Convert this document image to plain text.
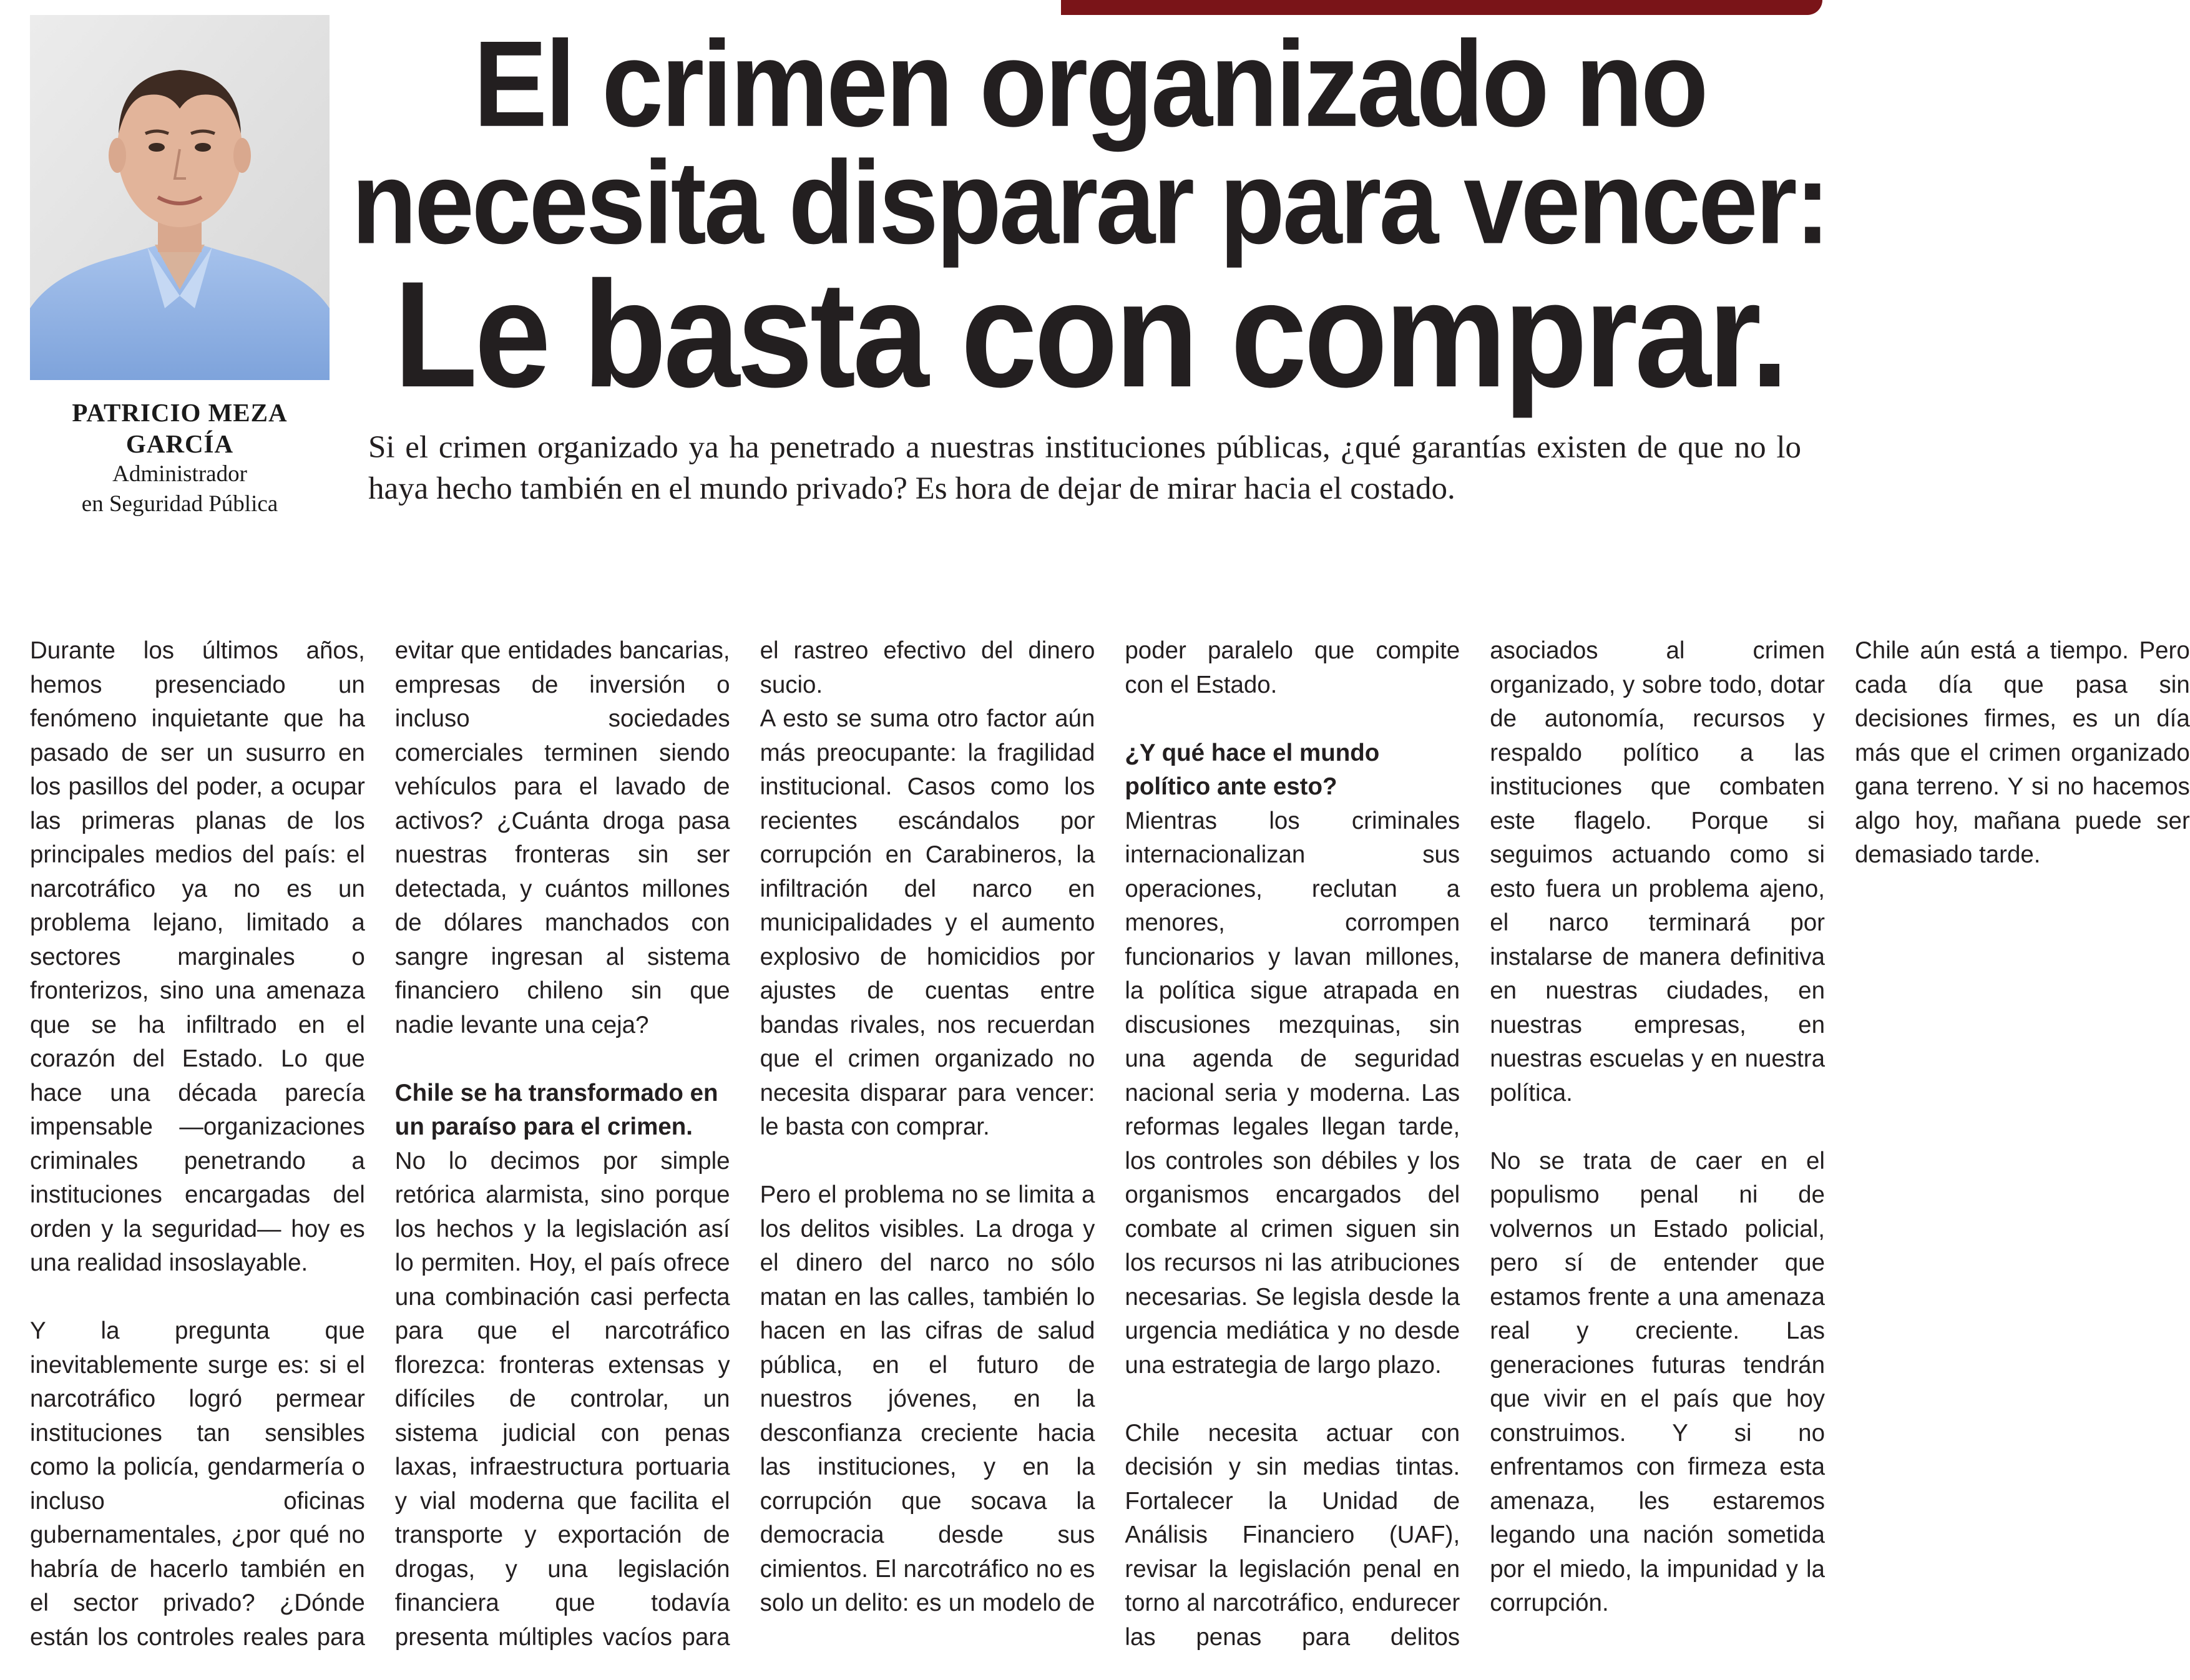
PATRICIO MEZA GARCÍA
Administrador
en Seguridad Pública
El crimen organizado no
necesita disparar para vencer:
Le basta con comprar.

Si el crimen organizado ya ha penetrado a nuestras instituciones públicas, ¿qué garantías existen de que no lo haya hecho también en el mundo privado? Es hora de dejar de mirar hacia el costado.

Durante los últimos años, hemos presenciado un fenómeno inquietante que ha pasado de ser un susurro en los pasillos del poder, a ocupar las primeras planas de los principales medios del país: el narcotráfico ya no es un problema lejano, limitado a sectores marginales o fronterizos, sino una amenaza que se ha infiltrado en el corazón del Estado. Lo que hace una década parecía impensable —organizaciones criminales penetrando a instituciones encargadas del orden y la seguridad— hoy es una realidad insoslayable.

Y la pregunta que inevitablemente surge es: si el narcotráfico logró permear instituciones tan sensibles como la policía, gendarmería o incluso oficinas gubernamentales, ¿por qué no habría de hacerlo también en el sector privado? ¿Dónde están los controles reales para evitar que entidades bancarias, empresas de inversión o incluso sociedades comerciales terminen siendo vehículos para el lavado de activos? ¿Cuánta droga pasa nuestras fronteras sin ser detectada, y cuántos millones de dólares manchados con sangre ingresan al sistema financiero chileno sin que nadie levante una ceja?

Chile se ha transformado en un paraíso para el crimen.

No lo decimos por simple retórica alarmista, sino porque los hechos y la legislación así lo permiten. Hoy, el país ofrece una combinación casi perfecta para que el narcotráfico florezca: fronteras extensas y difíciles de controlar, un sistema judicial con penas laxas, infraestructura portuaria y vial moderna que facilita el transporte y exportación de drogas, y una legislación financiera que todavía presenta múltiples vacíos para el rastreo efectivo del dinero sucio.

A esto se suma otro factor aún más preocupante: la fragilidad institucional. Casos como los recientes escándalos por corrupción en Carabineros, la infiltración del narco en municipalidades y el aumento explosivo de homicidios por ajustes de cuentas entre bandas rivales, nos recuerdan que el crimen organizado no necesita disparar para vencer: le basta con comprar.

Pero el problema no se limita a los delitos visibles. La droga y el dinero del narco no sólo matan en las calles, también lo hacen en las cifras de salud pública, en el futuro de nuestros jóvenes, en la desconfianza creciente hacia las instituciones, y en la corrupción que socava la democracia desde sus cimientos. El narcotráfico no es solo un delito: es un modelo de poder paralelo que compite con el Estado.

¿Y qué hace el mundo político ante esto?

Mientras los criminales internacionalizan sus operaciones, reclutan a menores, corrompen funcionarios y lavan millones, la política sigue atrapada en discusiones mezquinas, sin una agenda de seguridad nacional seria y moderna. Las reformas legales llegan tarde, los controles son débiles y los organismos encargados del combate al crimen siguen sin los recursos ni las atribuciones necesarias. Se legisla desde la urgencia mediática y no desde una estrategia de largo plazo.

Chile necesita actuar con decisión y sin medias tintas. Fortalecer la Unidad de Análisis Financiero (UAF), revisar la legislación penal en torno al narcotráfico, endurecer las penas para delitos asociados al crimen organizado, y sobre todo, dotar de autonomía, recursos y respaldo político a las instituciones que combaten este flagelo. Porque si seguimos actuando como si esto fuera un problema ajeno, el narco terminará por instalarse de manera definitiva en nuestras ciudades, en nuestras empresas, en nuestras escuelas y en nuestra política.

No se trata de caer en el populismo penal ni de volvernos un Estado policial, pero sí de entender que estamos frente a una amenaza real y creciente. Las generaciones futuras tendrán que vivir en el país que hoy construimos. Y si no enfrentamos con firmeza esta amenaza, les estaremos legando una nación sometida por el miedo, la impunidad y la corrupción.

Chile aún está a tiempo. Pero cada día que pasa sin decisiones firmes, es un día más que el crimen organizado gana terreno. Y si no hacemos algo hoy, mañana puede ser demasiado tarde.
